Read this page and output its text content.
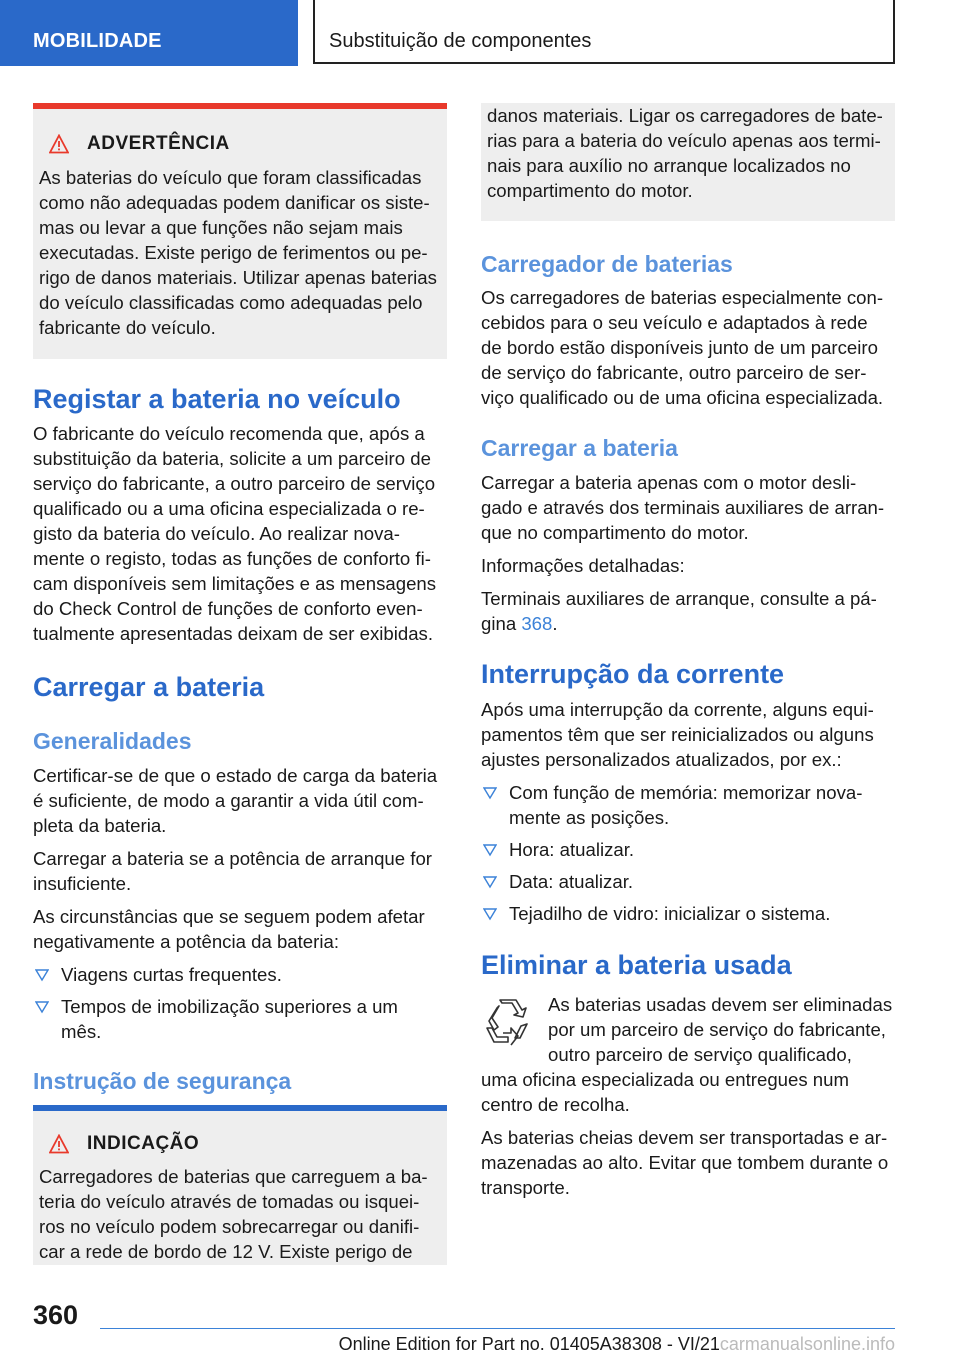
MOBILIDADE	Substituição de componentes
ADVERTÊNCIA

As baterias do veículo que foram classificadas

como não adequadas podem danificar os siste-

mas ou levar a que funções não sejam mais

executadas. Existe perigo de ferimentos ou pe-

rigo de danos materiais. Utilizar apenas baterias

do veículo classificadas como adequadas pelo

fabricante do veículo.

Registar a bateria no veículo

O fabricante do veículo recomenda que, após a

substituição da bateria, solicite a um parceiro de

serviço do fabricante, a outro parceiro de serviço

qualificado ou a uma oficina especializada o re-

gisto da bateria do veículo. Ao realizar nova-

mente o registo, todas as funções de conforto fi-

cam disponíveis sem limitações e as mensagens

do Check Control de funções de conforto even-

tualmente apresentadas deixam de ser exibidas.

Carregar a bateria
Generalidades

Certificar-se de que o estado de carga da bateria

é suficiente, de modo a garantir a vida útil com-

pleta da bateria.

Carregar a bateria se a potência de arranque for

insuficiente.

As circunstâncias que se seguem podem afetar

negativamente a potência da bateria:

Viagens curtas frequentes.
Tempos de imobilização superiores a um
mês.
Instrução de segurança
INDICAÇÃO

Carregadores de baterias que carreguem a ba-

teria do veículo através de tomadas ou isquei-

ros no veículo podem sobrecarregar ou danifi-

car a rede de bordo de 12 V. Existe perigo de

danos materiais. Ligar os carregadores de bate-

rias para a bateria do veículo apenas aos termi-

nais para auxílio no arranque localizados no

compartimento do motor.

Carregador de baterias

Os carregadores de baterias especialmente con-

cebidos para o seu veículo e adaptados à rede

de bordo estão disponíveis junto de um parceiro

de serviço do fabricante, outro parceiro de ser-

viço qualificado ou de uma oficina especializada.

Carregar a bateria

Carregar a bateria apenas com o motor desli-

gado e através dos terminais auxiliares de arran-

que no compartimento do motor.

Informações detalhadas:

Terminais auxiliares de arranque, consulte a pá-

gina 368.

Interrupção da corrente

Após uma interrupção da corrente, alguns equi-

pamentos têm que ser reinicializados ou alguns

ajustes personalizados atualizados, por ex.:

Com função de memória: memorizar nova-
mente as posições.
Hora: atualizar.
Data: atualizar.
Tejadilho de vidro: inicializar o sistema.
Eliminar a bateria usada

As baterias usadas devem ser eliminadas

por um parceiro de serviço do fabricante,

outro parceiro de serviço qualificado,

uma oficina especializada ou entregues num

centro de recolha.

As baterias cheias devem ser transportadas e ar-

mazenadas ao alto. Evitar que tombem durante o

transporte.

360
Online Edition for Part no. 01405A38308 - VI/21carmanualsonline.info
